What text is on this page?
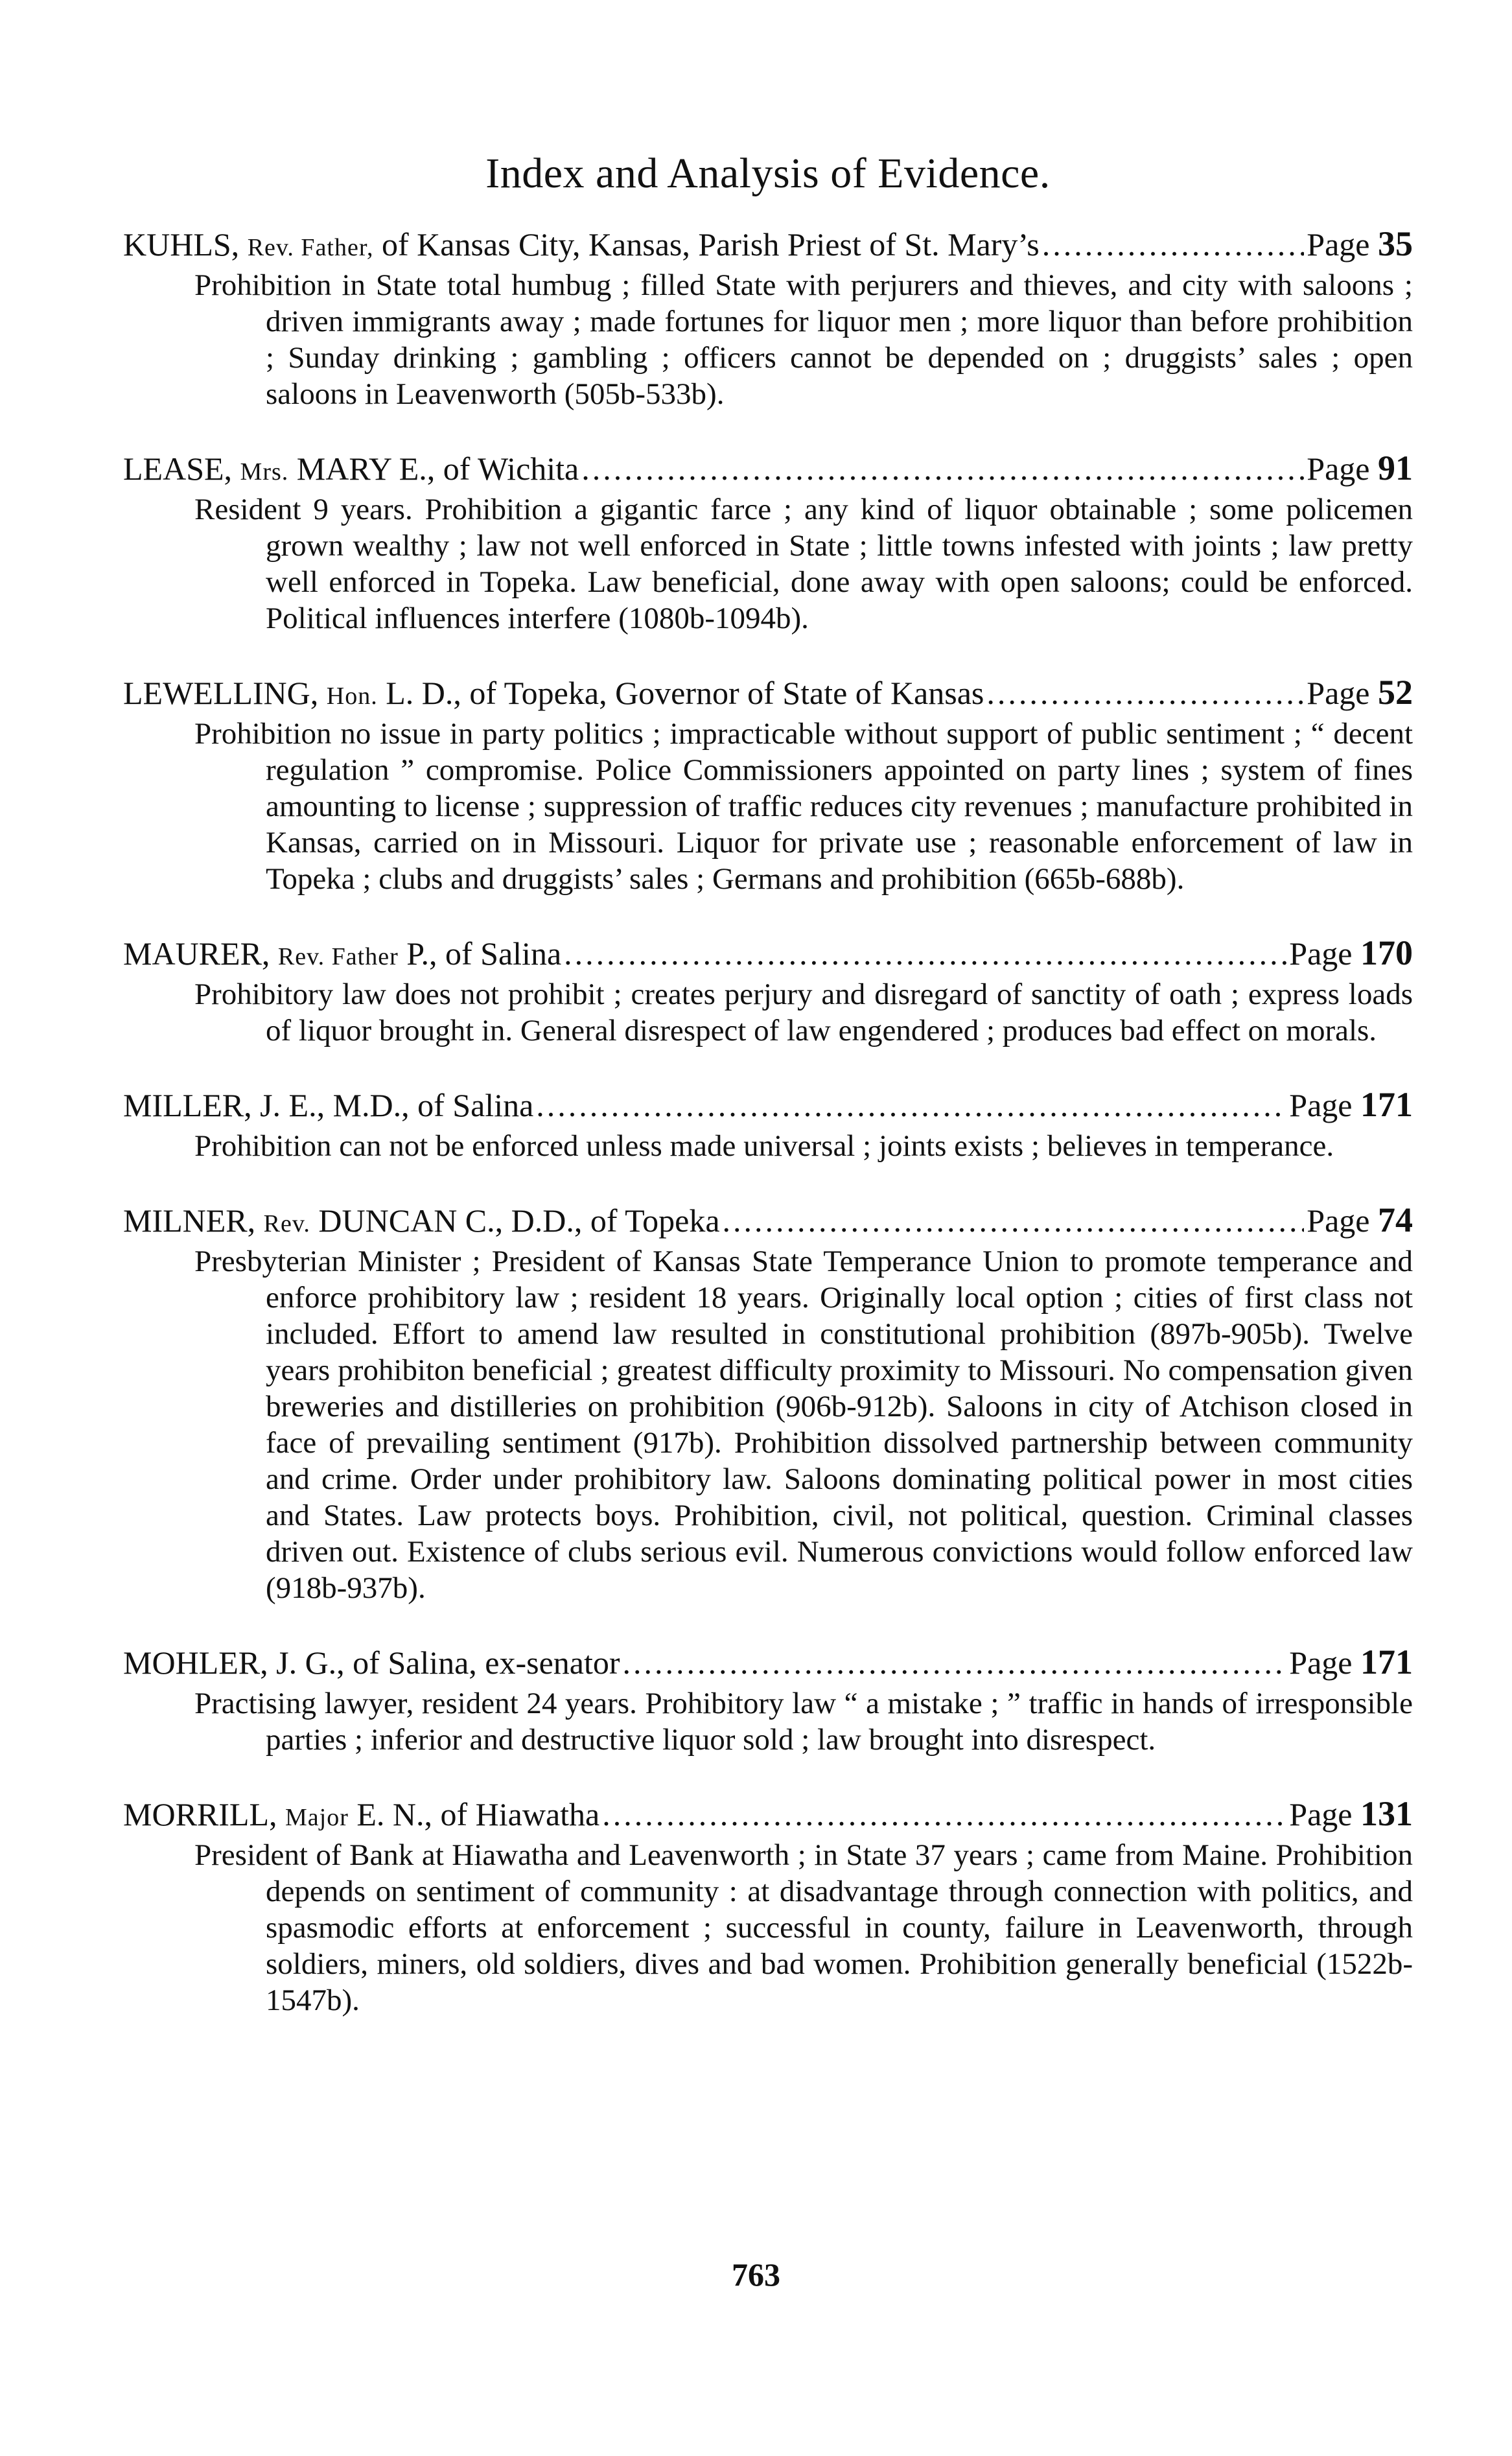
Index and Analysis of Evidence.
KUHLS, Rev. Father, of Kansas City, Kansas, Parish Priest of St. Mary’s .....	Page 35
Prohibition in State total humbug ; filled State with perjurers and thieves, and city with saloons ; driven immigrants away ; made fortunes for liquor men ; more liquor than before prohibition ; Sunday drinking ; gambling ; officers cannot be depended on ; druggists’ sales ; open saloons in Leavenworth (505b-533b).
LEASE, Mrs. MARY E., of Wichita .....	Page 91
Resident 9 years. Prohibition a gigantic farce ; any kind of liquor obtainable ; some policemen grown wealthy ; law not well enforced in State ; little towns infested with joints ; law pretty well enforced in Topeka. Law beneficial, done away with open saloons; could be enforced. Political influences interfere (1080b-1094b).
LEWELLING, Hon. L. D., of Topeka, Governor of State of Kansas .....	Page 52
Prohibition no issue in party politics ; impracticable without support of public sentiment ; “ decent regulation ” compromise. Police Commissioners appointed on party lines ; system of fines amounting to license ; suppression of traffic reduces city revenues ; manufacture prohibited in Kansas, carried on in Missouri. Liquor for private use ; reasonable enforcement of law in Topeka ; clubs and druggists’ sales ; Germans and prohibition (665b-688b).
MAURER, Rev. Father P., of Salina .....	Page 170
Prohibitory law does not prohibit ; creates perjury and disregard of sanctity of oath ; express loads of liquor brought in. General disrespect of law engendered ; produces bad effect on morals.
MILLER, J. E., M.D., of Salina .....	Page 171
Prohibition can not be enforced unless made universal ; joints exists ; believes in temperance.
MILNER, Rev. DUNCAN C., D.D., of Topeka .....	Page 74
Presbyterian Minister ; President of Kansas State Temperance Union to promote temperance and enforce prohibitory law ; resident 18 years. Originally local option ; cities of first class not included. Effort to amend law resulted in constitutional prohibition (897b-905b). Twelve years prohibiton beneficial ; greatest difficulty proximity to Missouri. No compensation given breweries and distilleries on prohibition (906b-912b). Saloons in city of Atchison closed in face of prevailing sentiment (917b). Prohibition dissolved partnership between community and crime. Order under prohibitory law. Saloons dominating political power in most cities and States. Law protects boys. Prohibition, civil, not political, question. Criminal classes driven out. Existence of clubs serious evil. Numerous convictions would follow enforced law (918b-937b).
MOHLER, J. G., of Salina, ex-senator .....	Page 171
Practising lawyer, resident 24 years. Prohibitory law “ a mistake ; ” traffic in hands of irresponsible parties ; inferior and destructive liquor sold ; law brought into disrespect.
MORRILL, Major E. N., of Hiawatha .....	Page 131
President of Bank at Hiawatha and Leavenworth ; in State 37 years ; came from Maine. Prohibition depends on sentiment of community : at disadvantage through connection with politics, and spasmodic efforts at enforcement ; successful in county, failure in Leavenworth, through soldiers, miners, old soldiers, dives and bad women. Prohibition generally beneficial (1522b-1547b).
763
